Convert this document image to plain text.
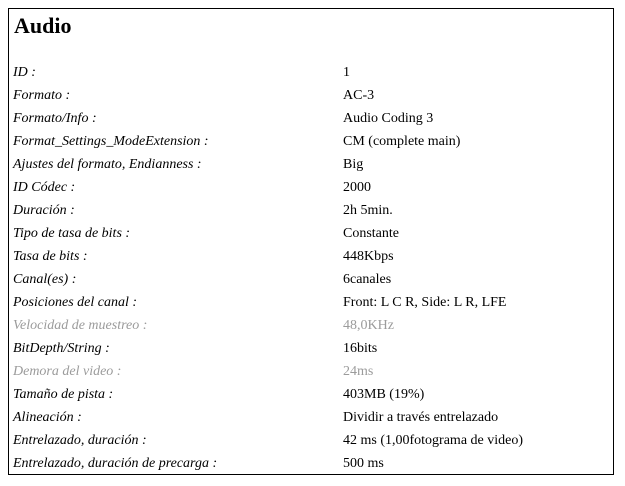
Audio
ID :	1
Formato :	AC-3
Formato/Info :	Audio Coding 3
Format_Settings_ModeExtension :	CM (complete main)
Ajustes del formato, Endianness :	Big
ID Códec :	2000
Duración :	2h 5min.
Tipo de tasa de bits :	Constante
Tasa de bits :	448Kbps
Canal(es) :	6canales
Posiciones del canal :	Front: L C R, Side: L R, LFE
Velocidad de muestreo :	48,0KHz
BitDepth/String :	16bits
Demora del video :	24ms
Tamaño de pista :	403MB (19%)
Alineación :	Dividir a través entrelazado
Entrelazado, duración :	42 ms (1,00fotograma de video)
Entrelazado, duración de precarga :	500 ms
